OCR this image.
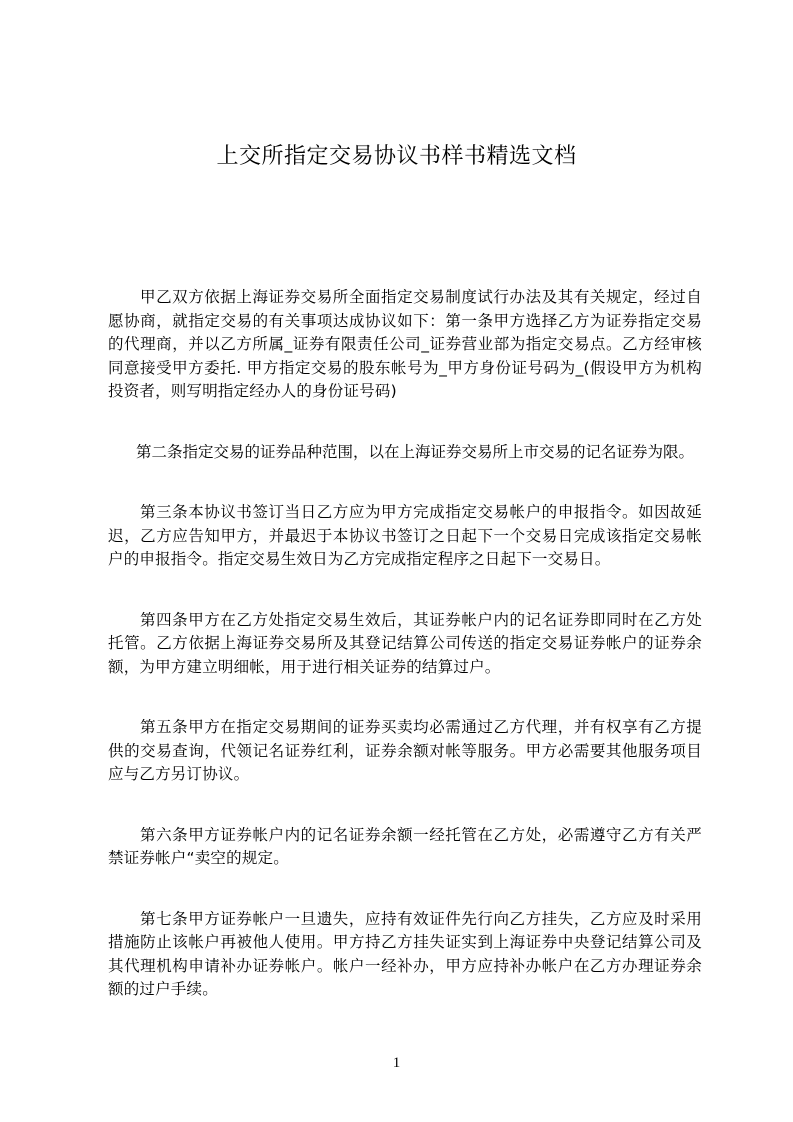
上交所指定交易协议书样书精选文档

甲乙双方依据上海证券交易所全面指定交易制度试行办法及其有关规定，经过自愿协商，就指定交易的有关事项达成协议如下：第一条甲方选择乙方为证券指定交易的代理商，并以乙方所属_证券有限责任公司_证券营业部为指定交易点。乙方经审核同意接受甲方委托. 甲方指定交易的股东帐号为_甲方身份证号码为_(假设甲方为机构投资者，则写明指定经办人的身份证号码)

第二条指定交易的证券品种范围，以在上海证券交易所上市交易的记名证券为限。

第三条本协议书签订当日乙方应为甲方完成指定交易帐户的申报指令。如因故延迟，乙方应告知甲方，并最迟于本协议书签订之日起下一个交易日完成该指定交易帐户的申报指令。指定交易生效日为乙方完成指定程序之日起下一交易日。

第四条甲方在乙方处指定交易生效后，其证券帐户内的记名证券即同时在乙方处托管。乙方依据上海证券交易所及其登记结算公司传送的指定交易证券帐户的证券余额，为甲方建立明细帐，用于进行相关证券的结算过户。

第五条甲方在指定交易期间的证券买卖均必需通过乙方代理，并有权享有乙方提供的交易查询，代领记名证券红利，证券余额对帐等服务。甲方必需要其他服务项目应与乙方另订协议。

第六条甲方证券帐户内的记名证券余额一经托管在乙方处，必需遵守乙方有关严禁证券帐户“卖空的规定。

第七条甲方证券帐户一旦遗失，应持有效证件先行向乙方挂失，乙方应及时采用措施防止该帐户再被他人使用。甲方持乙方挂失证实到上海证券中央登记结算公司及其代理机构申请补办证券帐户。帐户一经补办，甲方应持补办帐户在乙方办理证券余额的过户手续。

1
